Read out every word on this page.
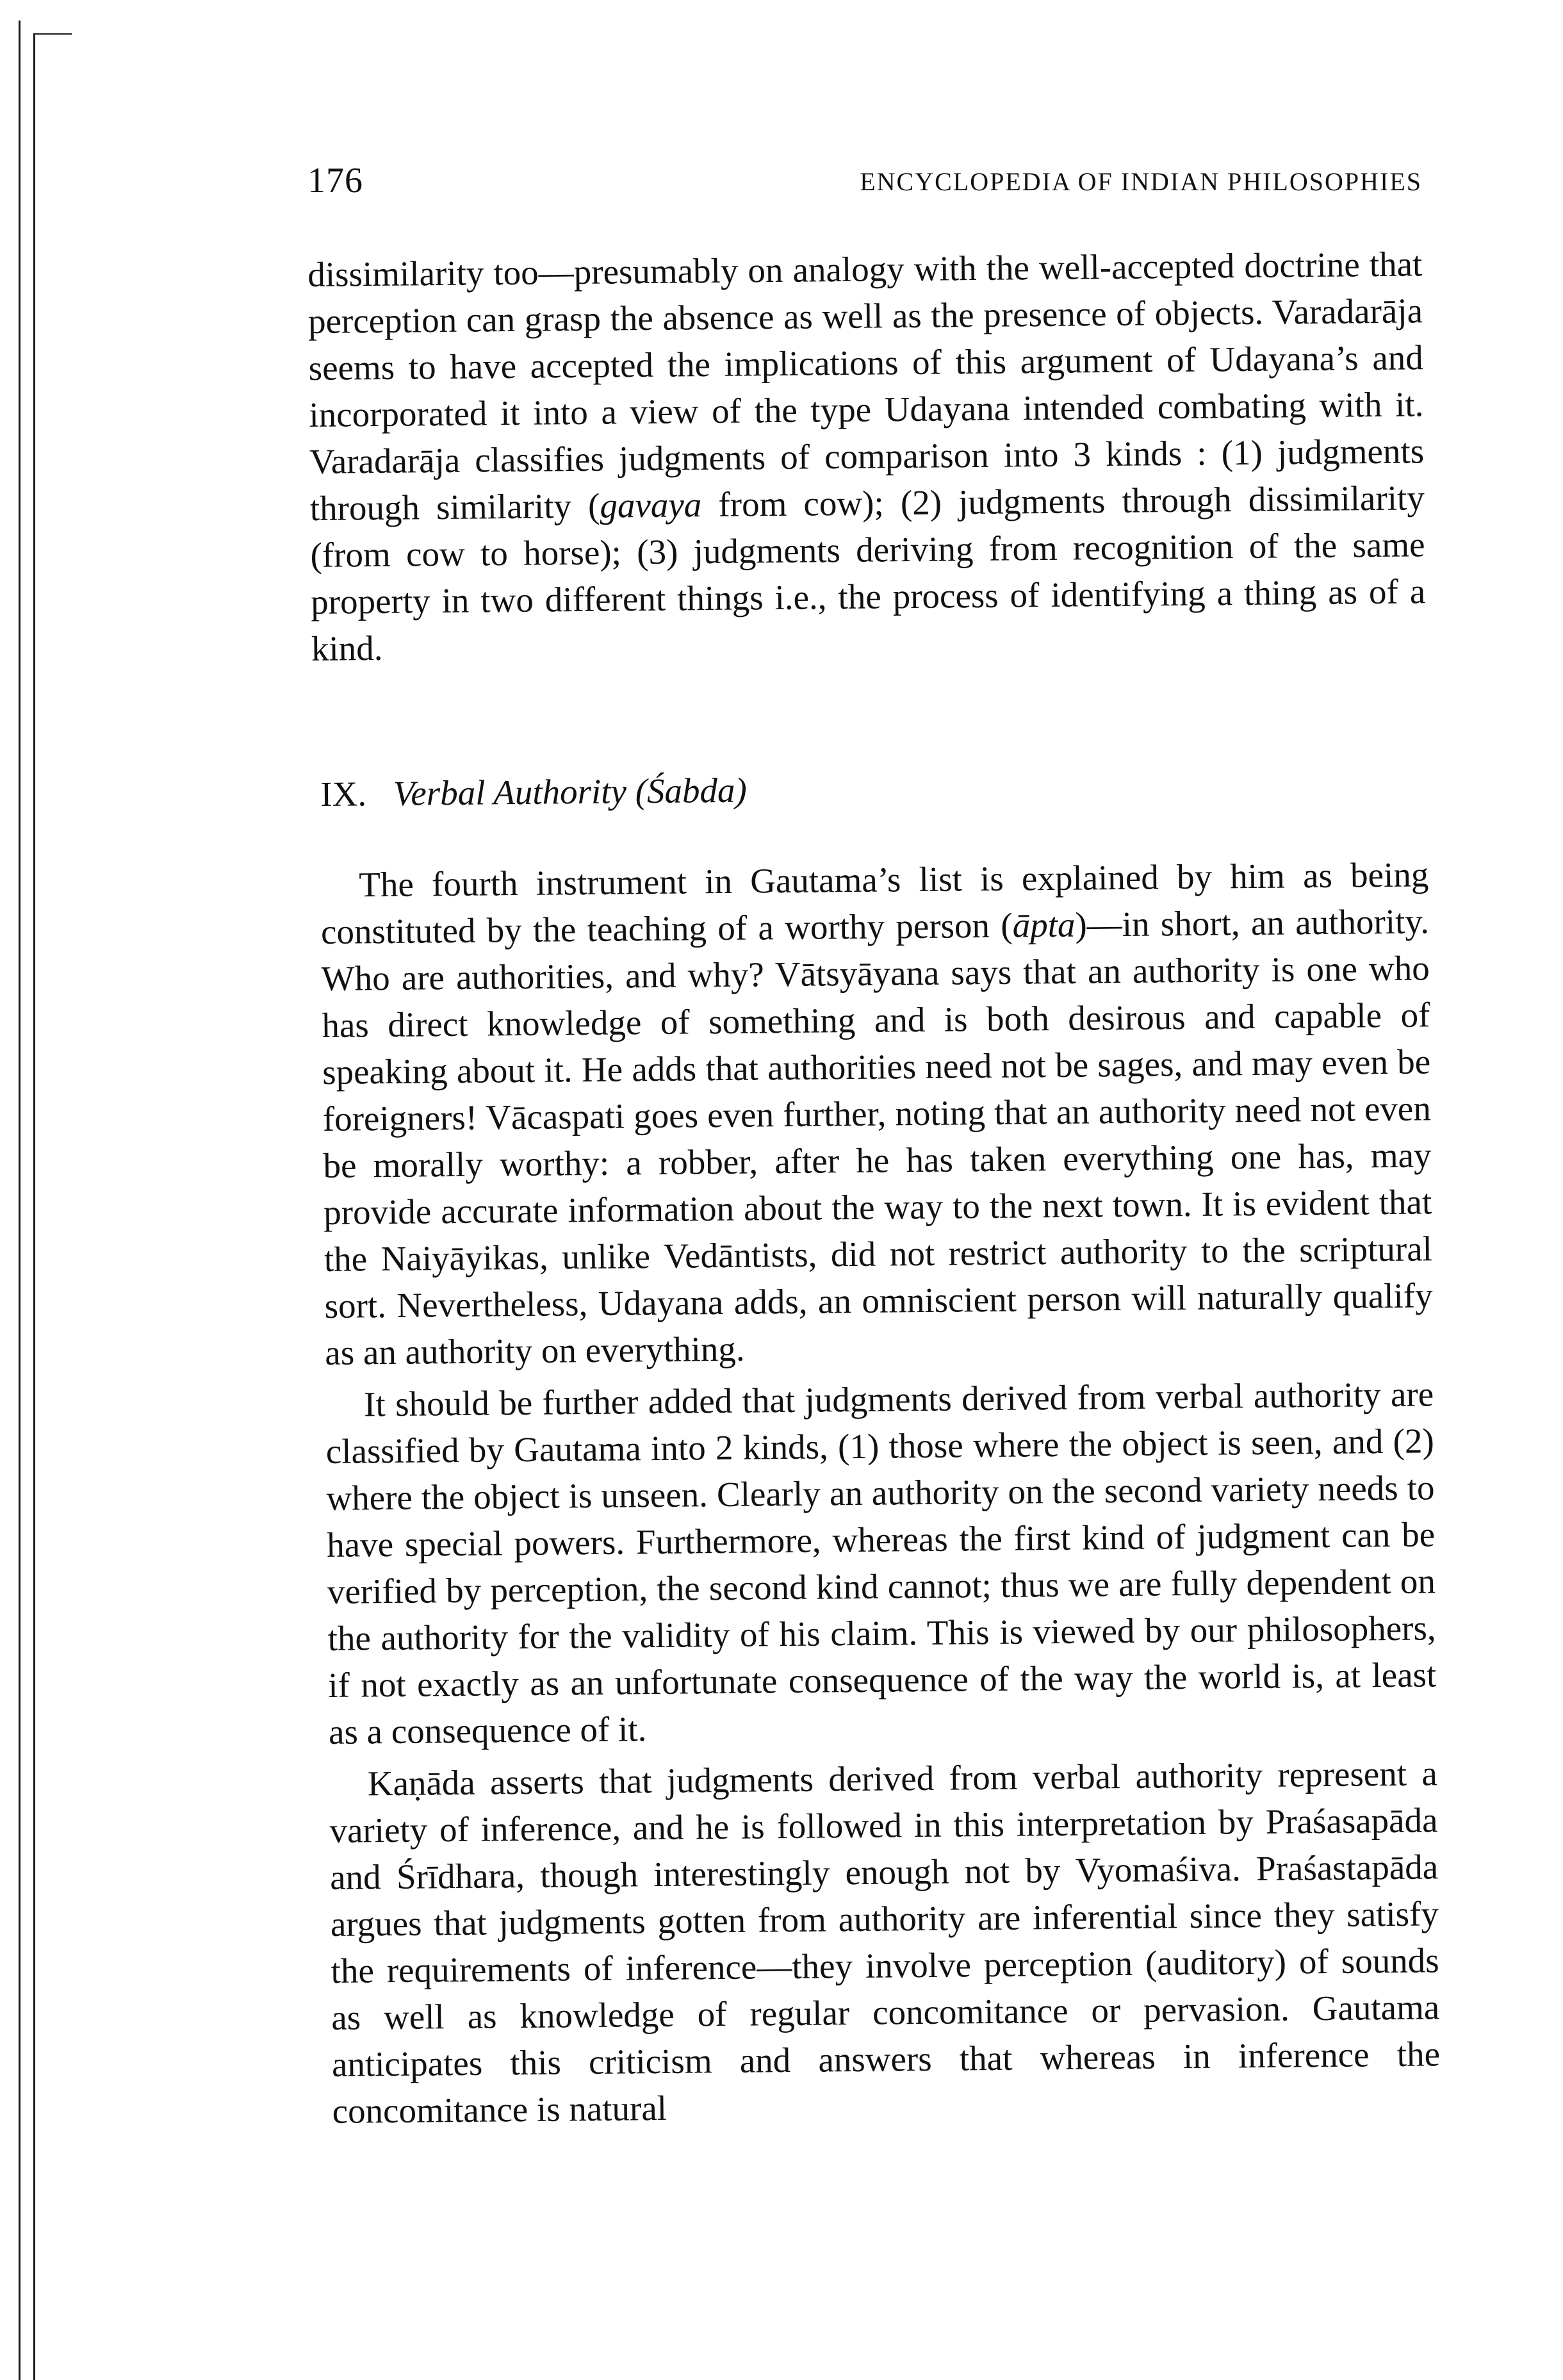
176	ENCYCLOPEDIA OF INDIAN PHILOSOPHIES

dissimilarity too—presumably on analogy with the well-accepted doctrine that perception can grasp the absence as well as the presence of objects. Varadarāja seems to have accepted the implications of this argument of Udayana’s and incorporated it into a view of the type Udayana intended combating with it. Varadarāja classifies judgments of comparison into 3 kinds : (1) judgments through similarity (gavaya from cow); (2) judgments through dissimilarity (from cow to horse); (3) judgments deriving from recognition of the same property in two different things i.e., the process of identifying a thing as of a kind.

IX. Verbal Authority (Śabda)

The fourth instrument in Gautama’s list is explained by him as being constituted by the teaching of a worthy person (āpta)—in short, an authority. Who are authorities, and why? Vātsyāyana says that an authority is one who has direct knowledge of something and is both desirous and capable of speaking about it. He adds that authorities need not be sages, and may even be foreigners! Vācaspati goes even further, noting that an authority need not even be morally worthy: a robber, after he has taken everything one has, may provide accurate information about the way to the next town. It is evident that the Naiyāyikas, unlike Vedāntists, did not restrict authority to the scriptural sort. Nevertheless, Udayana adds, an omniscient person will naturally qualify as an authority on everything.

It should be further added that judgments derived from verbal authority are classified by Gautama into 2 kinds, (1) those where the object is seen, and (2) where the object is unseen. Clearly an authority on the second variety needs to have special powers. Furthermore, whereas the first kind of judgment can be verified by perception, the second kind cannot; thus we are fully dependent on the authority for the validity of his claim. This is viewed by our philosophers, if not exactly as an unfortunate consequence of the way the world is, at least as a consequence of it.

Kaṇāda asserts that judgments derived from verbal authority represent a variety of inference, and he is followed in this interpretation by Praśasapāda and Śrīdhara, though interestingly enough not by Vyomaśiva. Praśastapāda argues that judgments gotten from authority are inferential since they satisfy the requirements of inference—they involve perception (auditory) of sounds as well as knowledge of regular concomitance or pervasion. Gautama anticipates this criticism and answers that whereas in inference the concomitance is natural
